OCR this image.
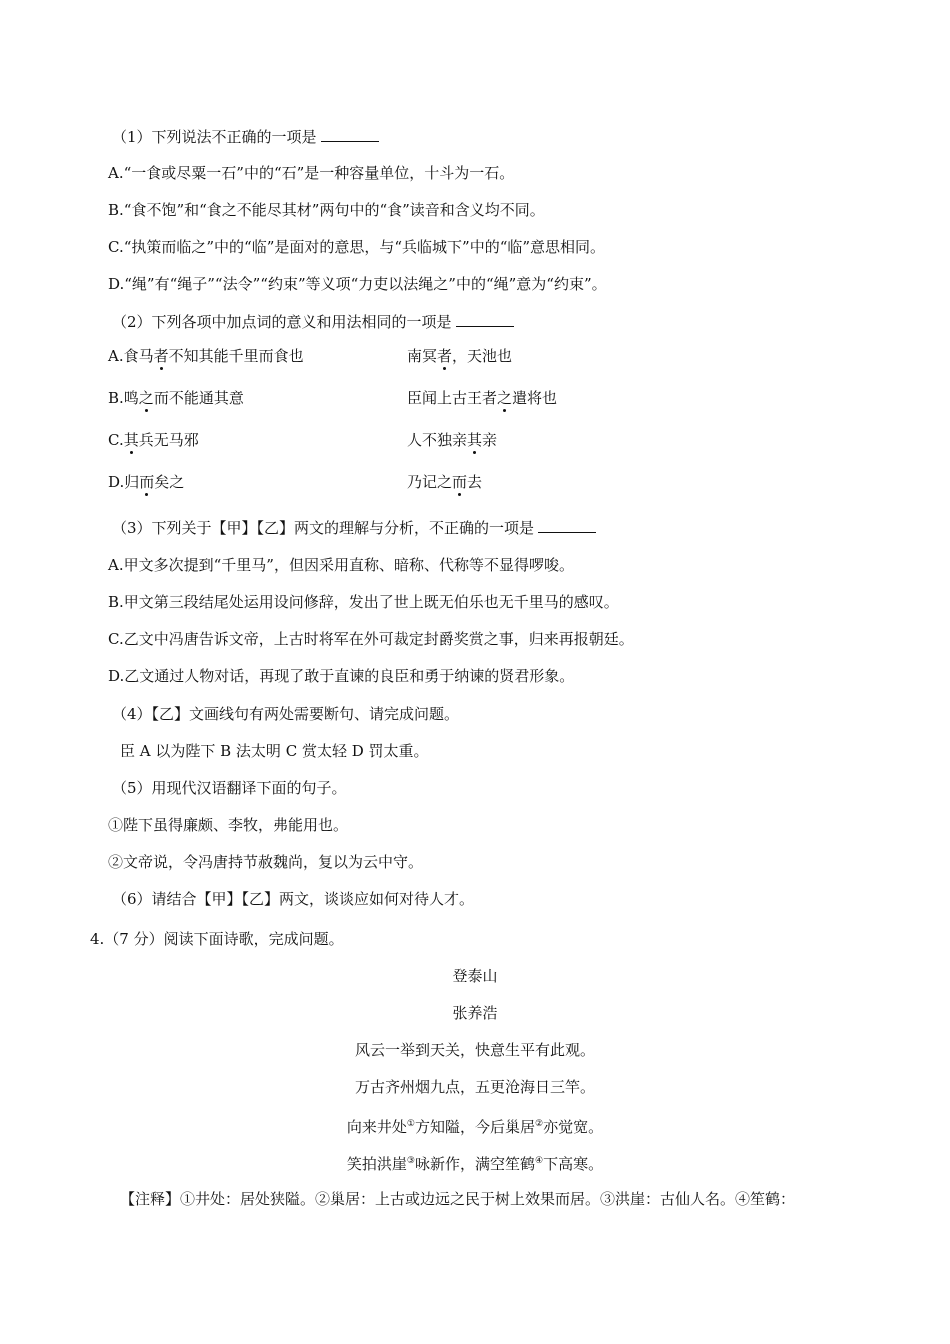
（1）下列说法不正确的一项是
A.“一食或尽粟一石”中的“石”是一种容量单位，十斗为一石。
B.“食不饱”和“食之不能尽其材”两句中的“食”读音和含义均不同。
C.“执策而临之”中的“临”是面对的意思，与“兵临城下”中的“临”意思相同。
D.“绳”有“绳子”“法令”“约束”等义项“力吏以法绳之”中的“绳”意为“约束”。
（2）下列各项中加点词的意义和用法相同的一项是
A.食马者不知其能千里而食也	南冥者，天池也
B.鸣之而不能通其意	臣闻上古王者之遣将也
C.其兵无马邪	人不独亲其亲
D.归而矣之	乃记之而去
（3）下列关于【甲】【乙】两文的理解与分析，不正确的一项是
A.甲文多次提到“千里马”，但因采用直称、暗称、代称等不显得啰唆。
B.甲文第三段结尾处运用设问修辞，发出了世上既无伯乐也无千里马的感叹。
C.乙文中冯唐告诉文帝，上古时将军在外可裁定封爵奖赏之事，归来再报朝廷。
D.乙文通过人物对话，再现了敢于直谏的良臣和勇于纳谏的贤君形象。
（4）【乙】文画线句有两处需要断句、请完成问题。
臣 A 以为陛下 B 法太明 C 赏太轻 D 罚太重。
（5）用现代汉语翻译下面的句子。
①陛下虽得廉颇、李牧，弗能用也。
②文帝说，令冯唐持节赦魏尚，复以为云中守。
（6）请结合【甲】【乙】两文，谈谈应如何对待人才。
4.（7 分）阅读下面诗歌，完成问题。
登泰山
张养浩
风云一举到天关，快意生平有此观。
万古齐州烟九点，五更沧海日三竿。
向来井处①方知隘，今后巢居②亦觉宽。
笑拍洪崖③咏新作，满空笙鹤④下高寒。
【注释】①井处：居处狭隘。②巢居：上古或边远之民于树上效果而居。③洪崖：古仙人名。④笙鹤：
